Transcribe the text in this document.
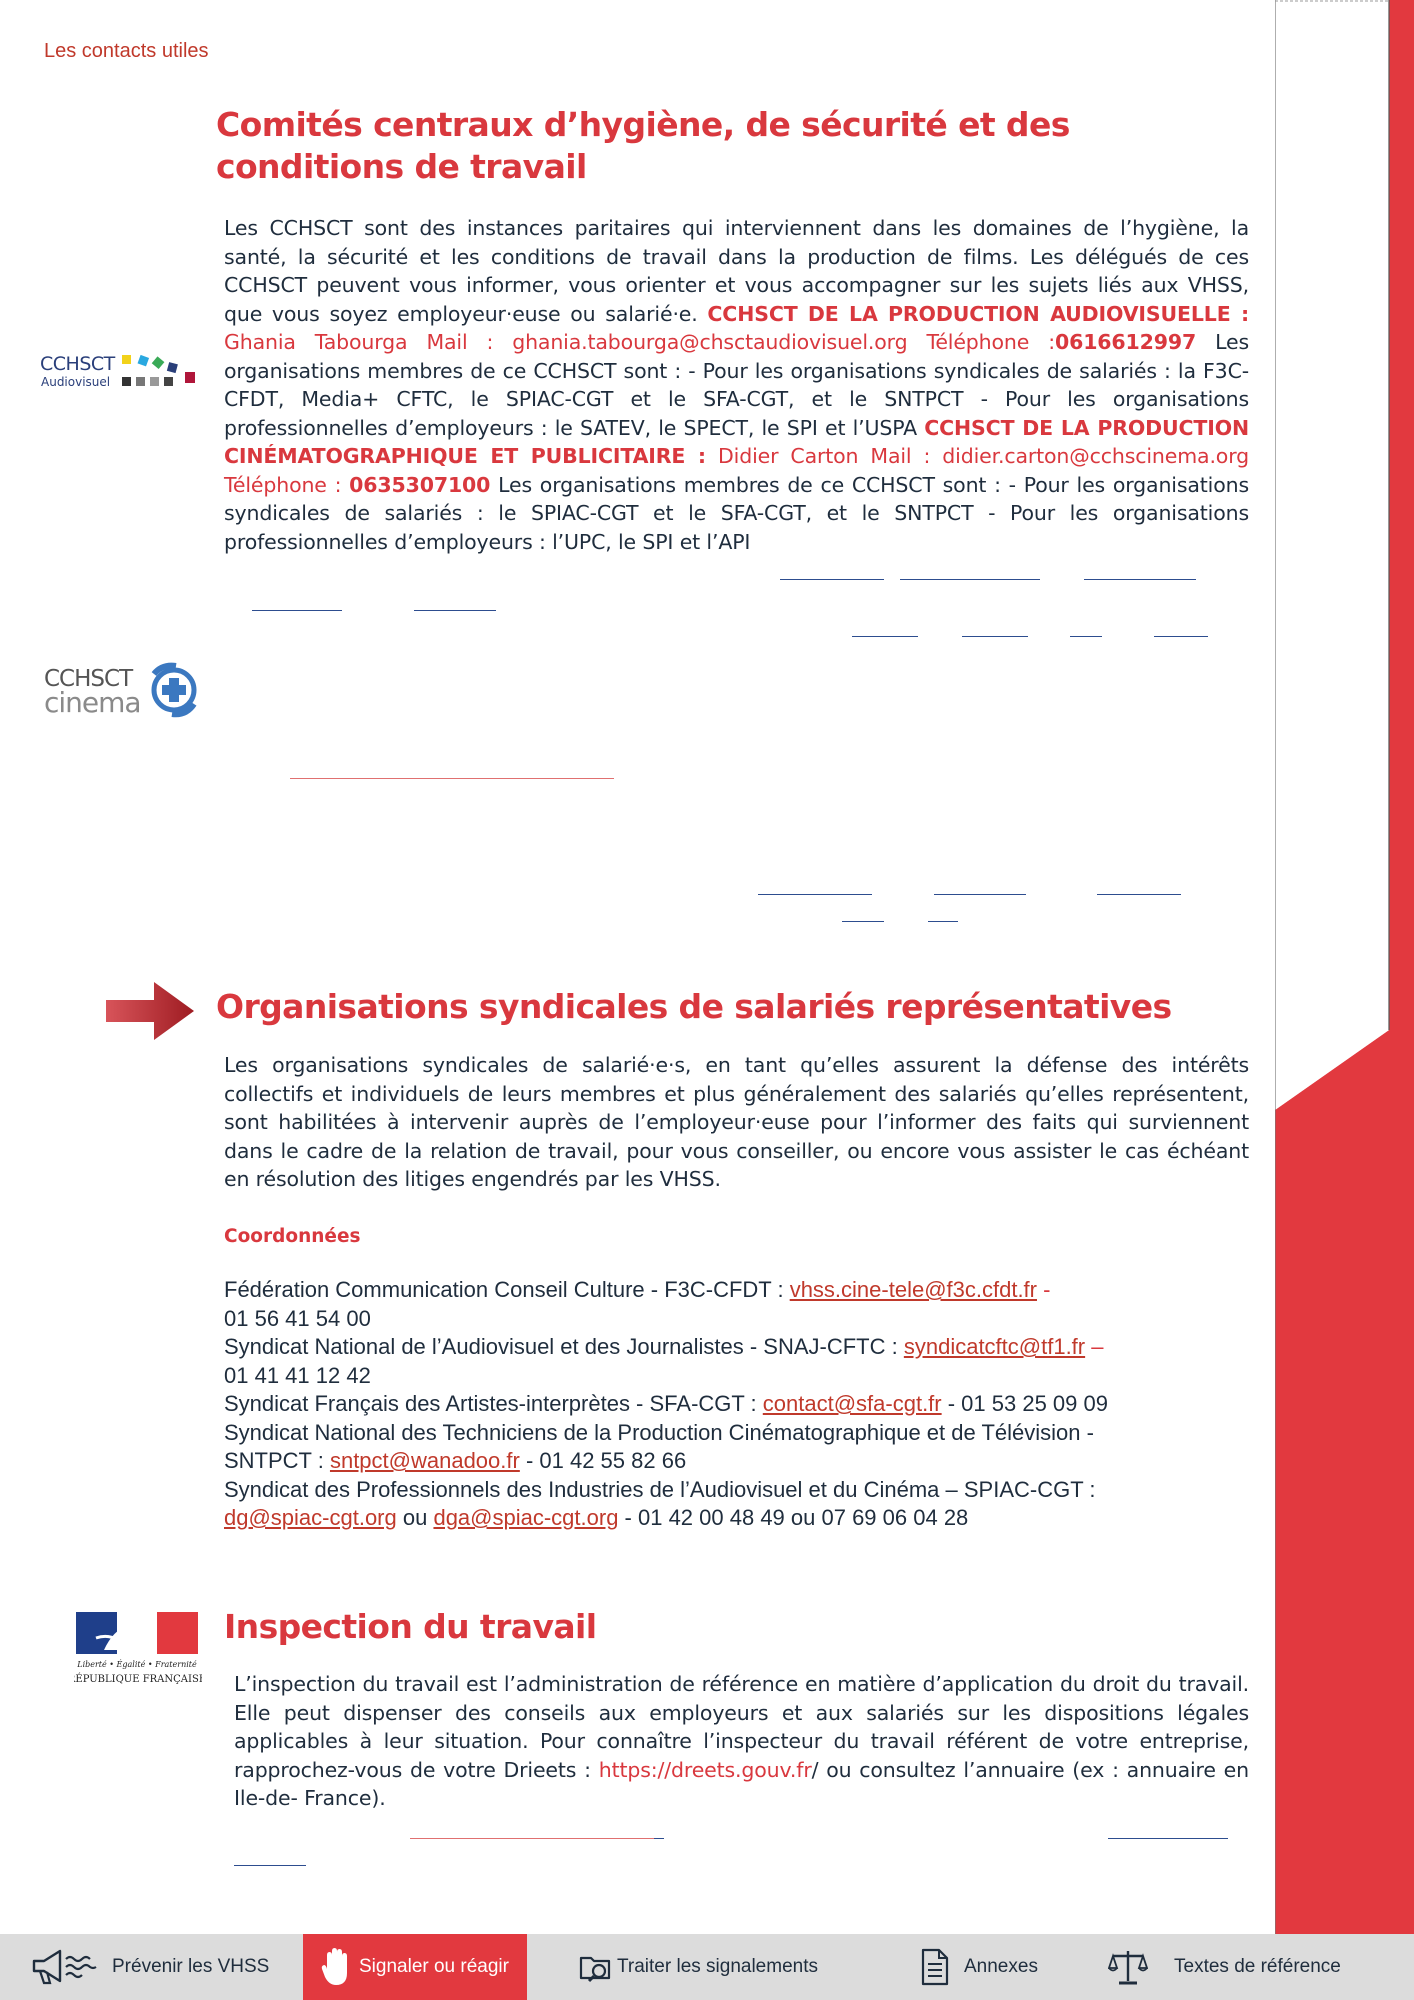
Les contacts utiles
Comités centraux d’hygiène, de sécurité et des conditions de travail
Les CCHSCT sont des instances paritaires qui interviennent dans les domaines de l’hygiène, la santé, la sécurité et les conditions de travail dans la production de films. Les délégués de ces CCHSCT peuvent vous informer, vous orienter et vous accompagner sur les sujets liés aux VHSS, que vous soyez employeur·euse ou salarié·e. CCHSCT DE LA PRODUCTION AUDIOVISUELLE : Ghania Tabourga Mail : ghania.tabourga@chsctaudiovisuel.org Téléphone :0616612997 Les organisations membres de ce CCHSCT sont : - Pour les organisations syndicales de salariés : la F3C-CFDT, Media+ CFTC, le SPIAC-CGT et le SFA-CGT, et le SNTPCT - Pour les organisations professionnelles d’employeurs : le SATEV, le SPECT, le SPI et l’USPA CCHSCT DE LA PRODUCTION CINÉMATOGRAPHIQUE ET PUBLICITAIRE : Didier Carton Mail : didier.carton@cchscinema.org Téléphone : 0635307100 Les organisations membres de ce CCHSCT sont : - Pour les organisations syndicales de salariés : le SPIAC-CGT et le SFA-CGT, et le SNTPCT - Pour les organisations professionnelles d’employeurs : l’UPC, le SPI et l’API
CCHSCT
Audiovisuel
CCHSCT
cinema
Organisations syndicales de salariés représentatives
Les organisations syndicales de salarié·e·s, en tant qu’elles assurent la défense des intérêts collectifs et individuels de leurs membres et plus généralement des salariés qu’elles représentent, sont habilitées à intervenir auprès de l’employeur·euse pour l’informer des faits qui surviennent dans le cadre de la relation de travail, pour vous conseiller, ou encore vous assister le cas échéant en résolution des litiges engendrés par les VHSS.
Coordonnées
Fédération Communication Conseil Culture - F3C-CFDT : vhss.cine-tele@f3c.cfdt.fr -
01 56 41 54 00
Syndicat National de l’Audiovisuel et des Journalistes - SNAJ-CFTC : syndicatcftc@tf1.fr –
01 41 41 12 42
Syndicat Français des Artistes-interprètes - SFA-CGT : contact@sfa-cgt.fr - 01 53 25 09 09
Syndicat National des Techniciens de la Production Cinématographique et de Télévision -
SNTPCT : sntpct@wanadoo.fr - 01 42 55 82 66
Syndicat des Professionnels des Industries de l’Audiovisuel et du Cinéma – SPIAC-CGT :
dg@spiac-cgt.org ou dga@spiac-cgt.org - 01 42 00 48 49 ou 07 69 06 04 28
Liberté • Égalité • Fraternité
RÉPUBLIQUE FRANÇAISE
Inspection du travail
L’inspection du travail est l’administration de référence en matière d’application du droit du travail. Elle peut dispenser des conseils aux employeurs et aux salariés sur les dispositions légales applicables à leur situation. Pour connaître l’inspecteur du travail référent de votre entreprise, rapprochez-vous de votre Drieets : https://dreets.gouv.fr/ ou consultez l’annuaire (ex : annuaire en Ile-de- France).
Prévenir les VHSS	Signaler ou réagir	Traiter les signalements	Annexes	Textes de référence
